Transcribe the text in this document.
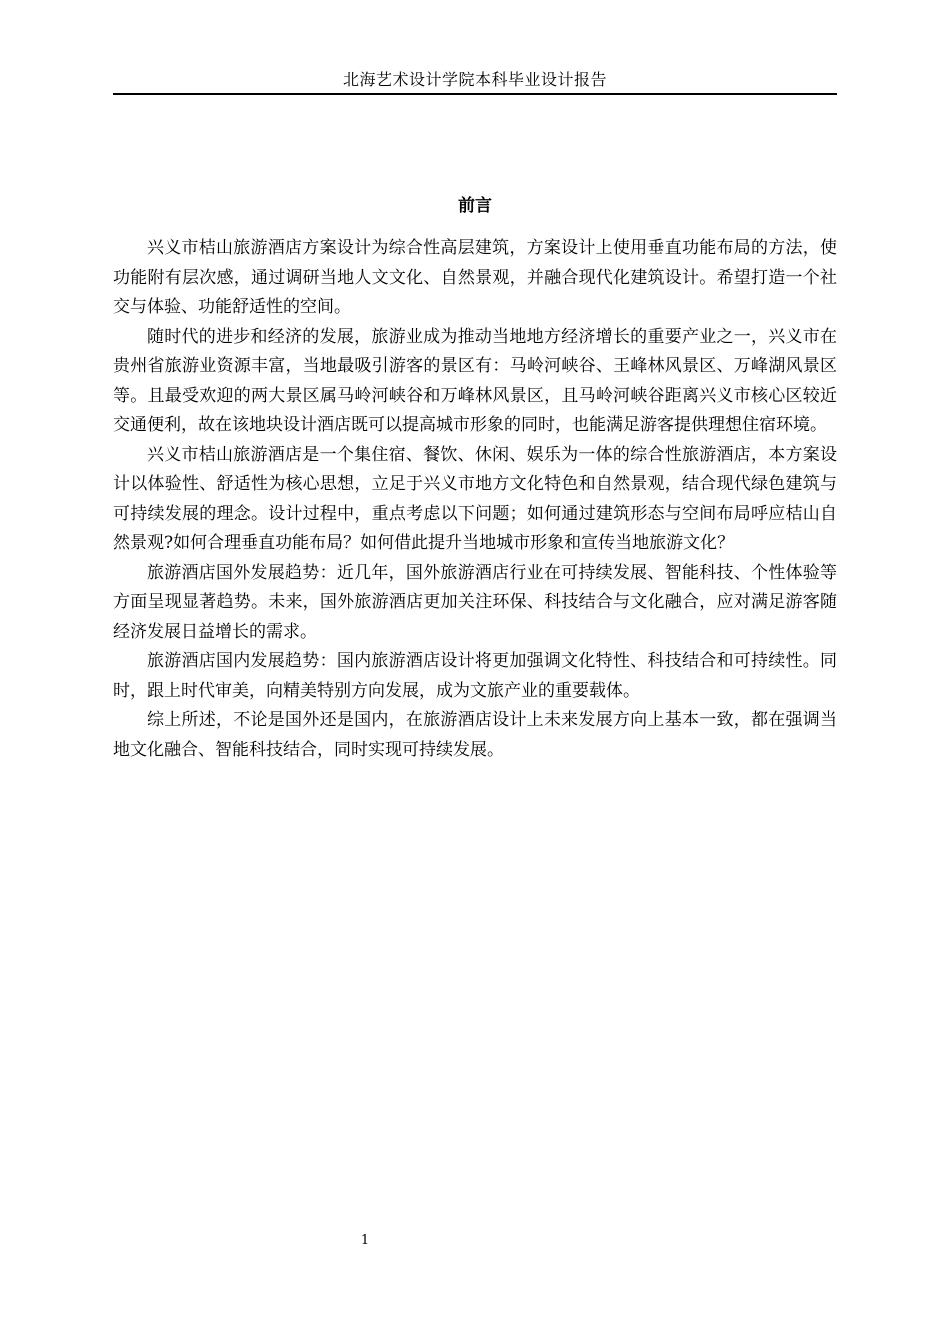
北海艺术设计学院本科毕业设计报告
前言

兴义市桔山旅游酒店方案设计为综合性高层建筑，方案设计上使用垂直功能布局的方法，使功能附有层次感，通过调研当地人文文化、自然景观，并融合现代化建筑设计。希望打造一个社交与体验、功能舒适性的空间。

随时代的进步和经济的发展，旅游业成为推动当地地方经济增长的重要产业之一，兴义市在贵州省旅游业资源丰富，当地最吸引游客的景区有：马岭河峡谷、王峰林风景区、万峰湖风景区等。且最受欢迎的两大景区属马岭河峡谷和万峰林风景区，且马岭河峡谷距离兴义市核心区较近交通便利，故在该地块设计酒店既可以提高城市形象的同时，也能满足游客提供理想住宿环境。

兴义市桔山旅游酒店是一个集住宿、餐饮、休闲、娱乐为一体的综合性旅游酒店，本方案设计以体验性、舒适性为核心思想，立足于兴义市地方文化特色和自然景观，结合现代绿色建筑与可持续发展的理念。设计过程中，重点考虑以下问题；如何通过建筑形态与空间布局呼应桔山自然景观?如何合理垂直功能布局？如何借此提升当地城市形象和宣传当地旅游文化？

旅游酒店国外发展趋势：近几年，国外旅游酒店行业在可持续发展、智能科技、个性体验等方面呈现显著趋势。未来，国外旅游酒店更加关注环保、科技结合与文化融合，应对满足游客随经济发展日益增长的需求。

旅游酒店国内发展趋势：国内旅游酒店设计将更加强调文化特性、科技结合和可持续性。同时，跟上时代审美，向精美特别方向发展，成为文旅产业的重要载体。

综上所述，不论是国外还是国内，在旅游酒店设计上未来发展方向上基本一致，都在强调当地文化融合、智能科技结合，同时实现可持续发展。

1
